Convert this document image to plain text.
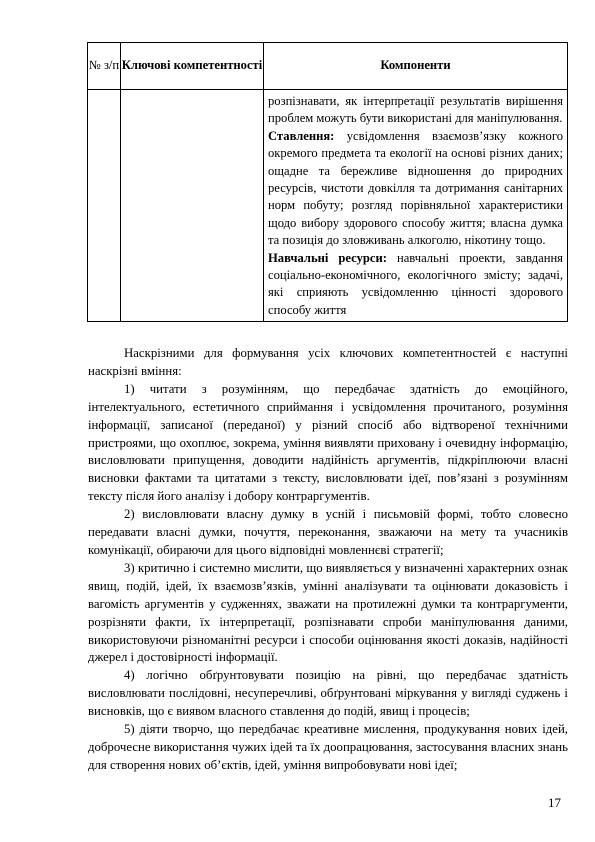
№ з/п	Ключові компетентності	Компоненти

		розпізнавати, як інтерпретації результатів вирішення проблем можуть бути використані для маніпулювання.

Ставлення: усвідомлення взаємозв’язку кожного окремого предмета та екології на основі різних даних; ощадне та бережливе відношення до природних ресурсів, чистоти довкілля та дотримання санітарних норм побуту; розгляд порівняльної характеристики щодо вибору здорового способу життя; власна думка та позиція до зловживань алкоголю, нікотину тощо.

Навчальні ресурси: навчальні проекти, завдання соціально-економічного, екологічного змісту; задачі, які сприяють усвідомленню цінності здорового способу життя

Наскрізними для формування усіх ключових компетентностей є наступні наскрізні вміння:

1) читати з розумінням, що передбачає здатність до емоційного, інтелектуального, естетичного сприймання і усвідомлення прочитаного, розуміння інформації, записаної (переданої) у різний спосіб або відтвореної технічними пристроями, що охоплює, зокрема, уміння виявляти приховану і очевидну інформацію, висловлювати припущення, доводити надійність аргументів, підкріплюючи власні висновки фактами та цитатами з тексту, висловлювати ідеї, пов’язані з розумінням тексту після його аналізу і добору контраргументів.

2) висловлювати власну думку в усній і письмовій формі, тобто словесно передавати власні думки, почуття, переконання, зважаючи на мету та учасників комунікації, обираючи для цього відповідні мовленнєві стратегії;

3) критично і системно мислити, що виявляється у визначенні характерних ознак явищ, подій, ідей, їх взаємозв’язків, умінні аналізувати та оцінювати доказовість і вагомість аргументів у судженнях, зважати на протилежні думки та контраргументи, розрізняти факти, їх інтерпретації, розпізнавати спроби маніпулювання даними, використовуючи різноманітні ресурси і способи оцінювання якості доказів, надійності джерел і достовірності інформації.

4) логічно обґрунтовувати позицію на рівні, що передбачає здатність висловлювати послідовні, несуперечливі, обґрунтовані міркування у вигляді суджень і висновків, що є виявом власного ставлення до подій, явищ і процесів;

5) діяти творчо, що передбачає креативне мислення, продукування нових ідей, доброчесне використання чужих ідей та їх доопрацювання, застосування власних знань для створення нових об’єктів, ідей, уміння випробовувати нові ідеї;

17
